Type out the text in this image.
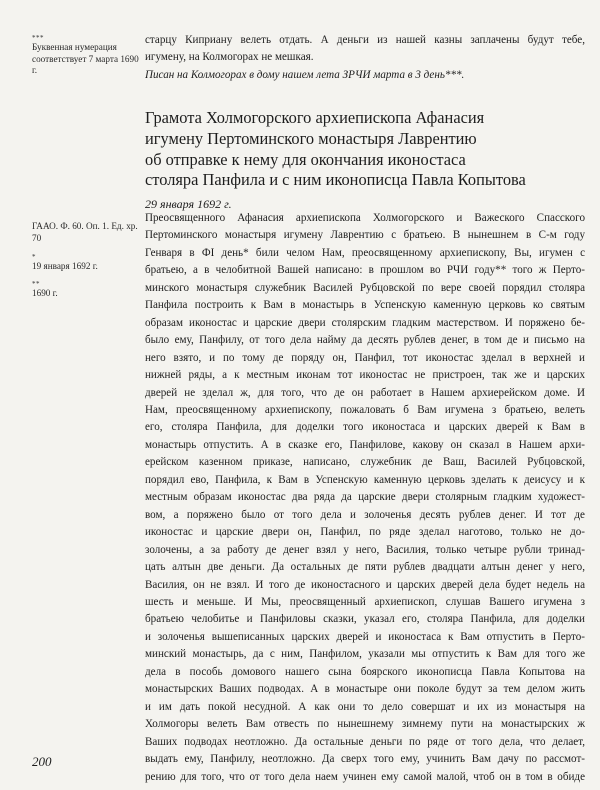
***
Буквенная нумерация соответствует 7 марта 1690 г.
ГААО. Ф. 60. Оп. 1. Ед. хр. 70
*
19 января 1692 г.
**
1690 г.
старцу Киприану велеть отдать. А деньги из нашей казны заплачены будут тебе,
игумену, на Колмогорах не мешкая.
Писан на Колмогорах в дому нашем лета ЗРЧИ марта в 3 день***.
Грамота Холмогорского архиепископа Афанасия
игумену Пертоминского монастыря Лаврентию
об отправке к нему для окончания иконостаса
столяра Панфила и с ним иконописца Павла Копытова
29 января 1692 г.
Преосвященного Афанасия архиепископа Холмогорского и Важеского Спасского
Пертоминского монастыря игумену Лаврентию с братьею. В нынешнем в С-м году
Генваря в ФІ день* били челом Нам, преосвященному архиепископу, Вы, игумен с
братьею, а в челобитной Вашей написано: в прошлом во РЧИ году** того ж Перто-
минского монастыря служебник Василей Рубцовской по вере своей порядил столяра
Панфила построить к Вам в монастырь в Успенскую каменную церковь ко святым
образам иконостас и царские двери столярским гладким мастерством. И поряжено бе-
было ему, Панфилу, от того дела найму да десять рублев денег, в том де и письмо на
него взято, и по тому де поряду он, Панфил, тот иконостас зделал в верхней и
нижней ряды, а к местным иконам тот иконостас не пристроен, так же и царских
дверей не зделал ж, для того, что де он работает в Нашем архиерейском доме. И
Нам, преосвященному архиепископу, пожаловать б Вам игумена з братьею, велеть
его, столяра Панфила, для доделки того иконостаса и царских дверей к Вам в
монастырь отпустить. А в сказке его, Панфилове, какову он сказал в Нашем архи-
ерейском казенном приказе, написано, служебник де Ваш, Василей Рубцовской,
порядил ево, Панфила, к Вам в Успенскую каменную церковь зделать к деисусу и к
местным образам иконостас два ряда да царские двери столярным гладким художест-
вом, а поряжено было от того дела и золоченья десять рублев денег. И тот де
иконостас и царские двери он, Панфил, по ряде зделал наготово, только не до-
золочены, а за работу де денег взял у него, Василия, только четыре рубли тринад-
цать алтын две деньги. Да остальных де пяти рублев двадцати алтын денег у него,
Василия, он не взял. И того де иконостасного и царских дверей дела будет недель на
шесть и меньше. И Мы, преосвященный архиепископ, слушав Вашего игумена з
братьею челобитье и Панфиловы сказки, указал его, столяра Панфила, для доделки
и золоченья вышеписанных царских дверей и иконостаса к Вам отпустить в Перто-
минский монастырь, да с ним, Панфилом, указали мы отпустить к Вам для того же
дела в пособь домового нашего сына боярского иконописца Павла Копытова на
монастырских Ваших подводах. А в монастыре они поколе будут за тем делом жить
и им дать покой несудной. А как они то дело совершат и их из монастыря на
Холмогоры велеть Вам отвесть по нынешнему зимнему пути на монастырских ж
Ваших подводах неотложно. Да остальные деньги по ряде от того дела, что делает,
выдать ему, Панфилу, неотложно. Да сверх того ему, учинить Вам дачу по рассмот-
рению для того, что от того дела наем учинен ему самой малой, чтоб он в том в обиде
200
